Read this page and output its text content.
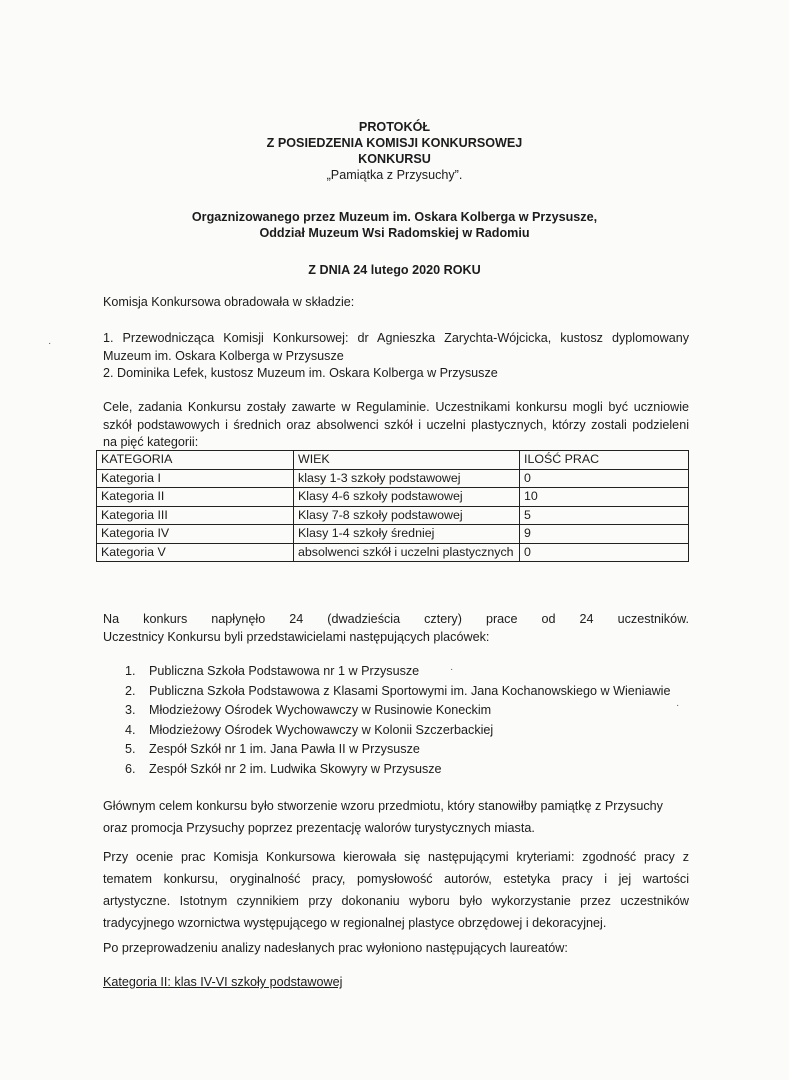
PROTOKÓŁ
Z POSIEDZENIA KOMISJI KONKURSOWEJ
KONKURSU
„Pamiątka z Przysuchy”.
Orgaznizowanego przez Muzeum im. Oskara Kolberga w Przysusze,
Oddział Muzeum Wsi Radomskiej w Radomiu
Z DNIA 24 lutego 2020 ROKU
Komisja Konkursowa obradowała w składzie:
1. Przewodnicząca Komisji Konkursowej: dr Agnieszka Zarychta-Wójcicka, kustosz dyplomowany
Muzeum im. Oskara Kolberga w Przysusze
2. Dominika Lefek, kustosz Muzeum im. Oskara Kolberga w Przysusze
Cele, zadania Konkursu zostały zawarte w Regulaminie. Uczestnikami konkursu mogli być uczniowie
szkół podstawowych i średnich oraz absolwenci szkół i uczelni plastycznych, którzy zostali podzieleni
na pięć kategorii:
KATEGORIA	WIEK	ILOŚĆ PRAC
Kategoria I	klasy 1-3 szkoły podstawowej	0
Kategoria II	Klasy 4-6 szkoły podstawowej	10
Kategoria III	Klasy 7-8 szkoły podstawowej	5
Kategoria IV	Klasy 1-4 szkoły średniej	9
Kategoria V	absolwenci szkół i uczelni plastycznych	0
Na konkurs napłynęło 24 (dwadzieścia cztery) prace od 24 uczestników.
Uczestnicy Konkursu byli przedstawicielami następujących placówek:
1. Publiczna Szkoła Podstawowa nr 1 w Przysusze
2. Publiczna Szkoła Podstawowa z Klasami Sportowymi im. Jana Kochanowskiego w Wieniawie
3. Młodzieżowy Ośrodek Wychowawczy w Rusinowie Koneckim
4. Młodzieżowy Ośrodek Wychowawczy w Kolonii Szczerbackiej
5. Zespół Szkół nr 1 im. Jana Pawła II w Przysusze
6. Zespół Szkół nr 2 im. Ludwika Skowyry w Przysusze
Głównym celem konkursu było stworzenie wzoru przedmiotu, który stanowiłby pamiątkę z Przysuchy
oraz promocja Przysuchy poprzez prezentację walorów turystycznych miasta.
Przy ocenie prac Komisja Konkursowa kierowała się następującymi kryteriami: zgodność pracy z
tematem konkursu, oryginalność pracy, pomysłowość autorów, estetyka pracy i jej wartości
artystyczne. Istotnym czynnikiem przy dokonaniu wyboru było wykorzystanie przez uczestników
tradycyjnego wzornictwa występującego w regionalnej plastyce obrzędowej i dekoracyjnej.
Po przeprowadzeniu analizy nadesłanych prac wyłoniono następujących laureatów:
Kategoria II: klas IV-VI szkoły podstawowej
·
·
·
